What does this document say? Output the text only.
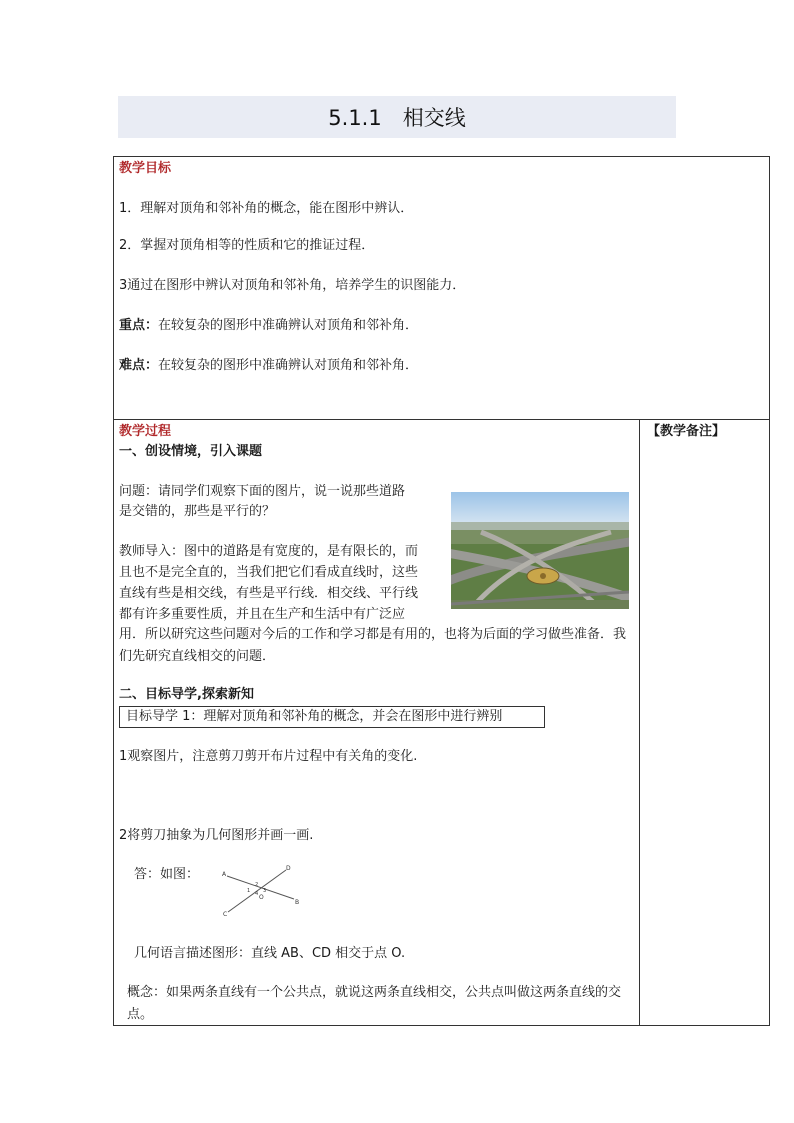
5.1.1　相交线
教学目标
1．理解对顶角和邻补角的概念，能在图形中辨认．
2．掌握对顶角相等的性质和它的推证过程．
3通过在图形中辨认对顶角和邻补角，培养学生的识图能力．
重点：在较复杂的图形中准确辨认对顶角和邻补角．
难点：在较复杂的图形中准确辨认对顶角和邻补角．
教学过程	【教学备注】
一、创设情境，引入课题
问题：请同学们观察下面的图片，说一说那些道路
是交错的，那些是平行的？
教师导入：图中的道路是有宽度的，是有限长的，而
且也不是完全直的，当我们把它们看成直线时，这些
直线有些是相交线，有些是平行线．相交线、平行线
都有许多重要性质，并且在生产和生活中有广泛应
用．所以研究这些问题对今后的工作和学习都是有用的，也将为后面的学习做些准备．我们先研究直线相交的问题．
二、目标导学,探索新知
目标导学 1：理解对顶角和邻补角的概念，并会在图形中进行辨别
1观察图片，注意剪刀剪开布片过程中有关角的变化.
2将剪刀抽象为几何图形并画一画.
答：如图：	A
B
C
D
O
1
2
3
4
几何语言描述图形：直线 AB、CD 相交于点 O.
概念：如果两条直线有一个公共点，就说这两条直线相交，公共点叫做这两条直线的交点。
